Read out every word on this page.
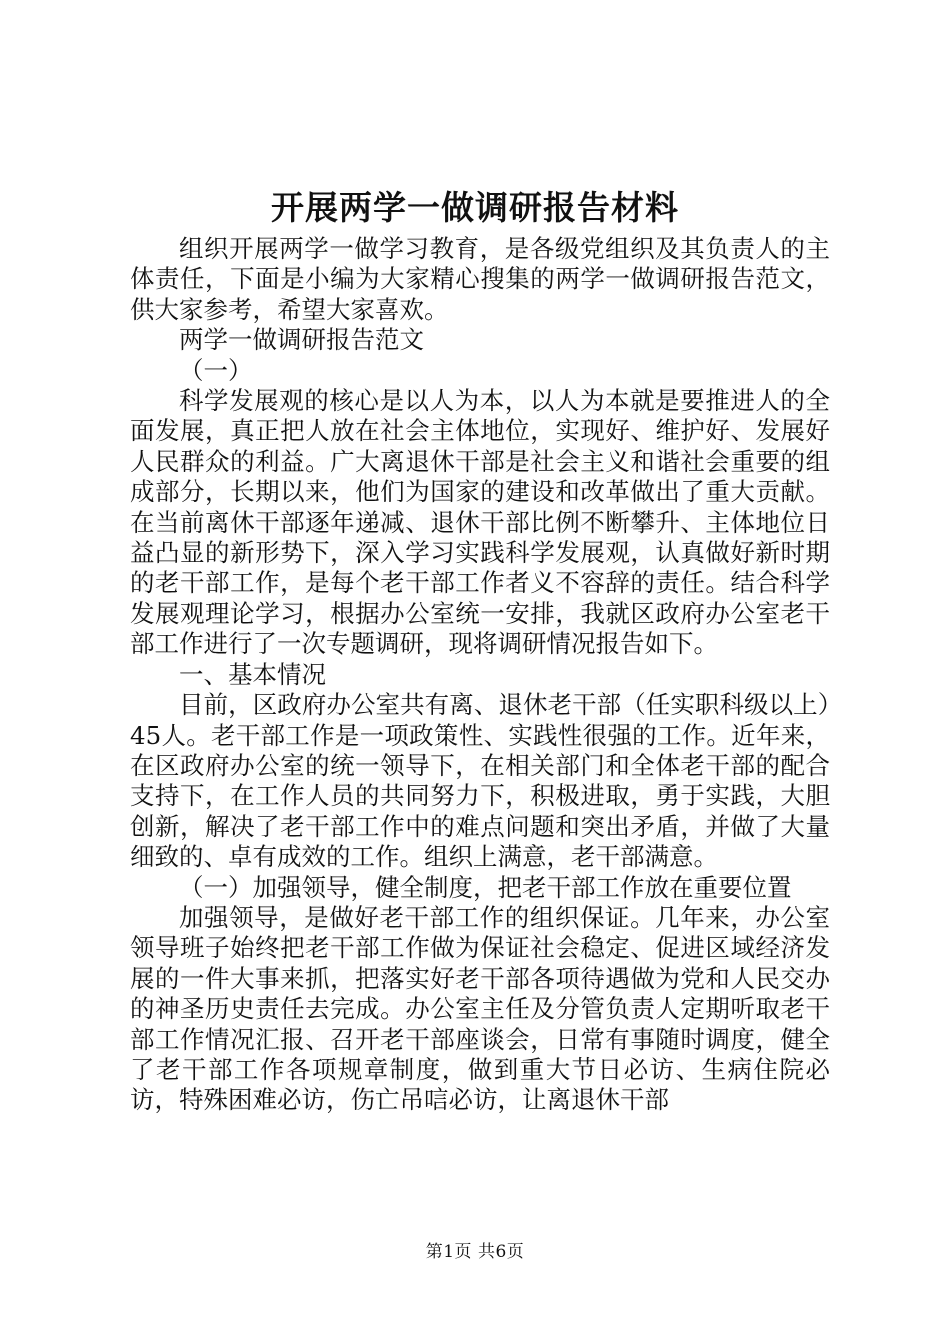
开展两学一做调研报告材料

组织开展两学一做学习教育，是各级党组织及其负责人的主体责任，下面是小编为大家精心搜集的两学一做调研报告范文，供大家参考，希望大家喜欢。

两学一做调研报告范文

（一）

科学发展观的核心是以人为本，以人为本就是要推进人的全面发展，真正把人放在社会主体地位，实现好、维护好、发展好人民群众的利益。广大离退休干部是社会主义和谐社会重要的组成部分，长期以来，他们为国家的建设和改革做出了重大贡献。在当前离休干部逐年递减、退休干部比例不断攀升、主体地位日益凸显的新形势下，深入学习实践科学发展观，认真做好新时期的老干部工作，是每个老干部工作者义不容辞的责任。结合科学发展观理论学习，根据办公室统一安排，我就区政府办公室老干部工作进行了一次专题调研，现将调研情况报告如下。

一、基本情况

目前，区政府办公室共有离、退休老干部（任实职科级以上）45人。老干部工作是一项政策性、实践性很强的工作。近年来，在区政府办公室的统一领导下，在相关部门和全体老干部的配合支持下，在工作人员的共同努力下，积极进取，勇于实践，大胆创新，解决了老干部工作中的难点问题和突出矛盾，并做了大量细致的、卓有成效的工作。组织上满意，老干部满意。

（一）加强领导，健全制度，把老干部工作放在重要位置

加强领导，是做好老干部工作的组织保证。几年来，办公室领导班子始终把老干部工作做为保证社会稳定、促进区域经济发展的一件大事来抓，把落实好老干部各项待遇做为党和人民交办的神圣历史责任去完成。办公室主任及分管负责人定期听取老干部工作情况汇报、召开老干部座谈会，日常有事随时调度，健全了老干部工作各项规章制度，做到重大节日必访、生病住院必访，特殊困难必访，伤亡吊唁必访，让离退休干部

第1页 共6页
